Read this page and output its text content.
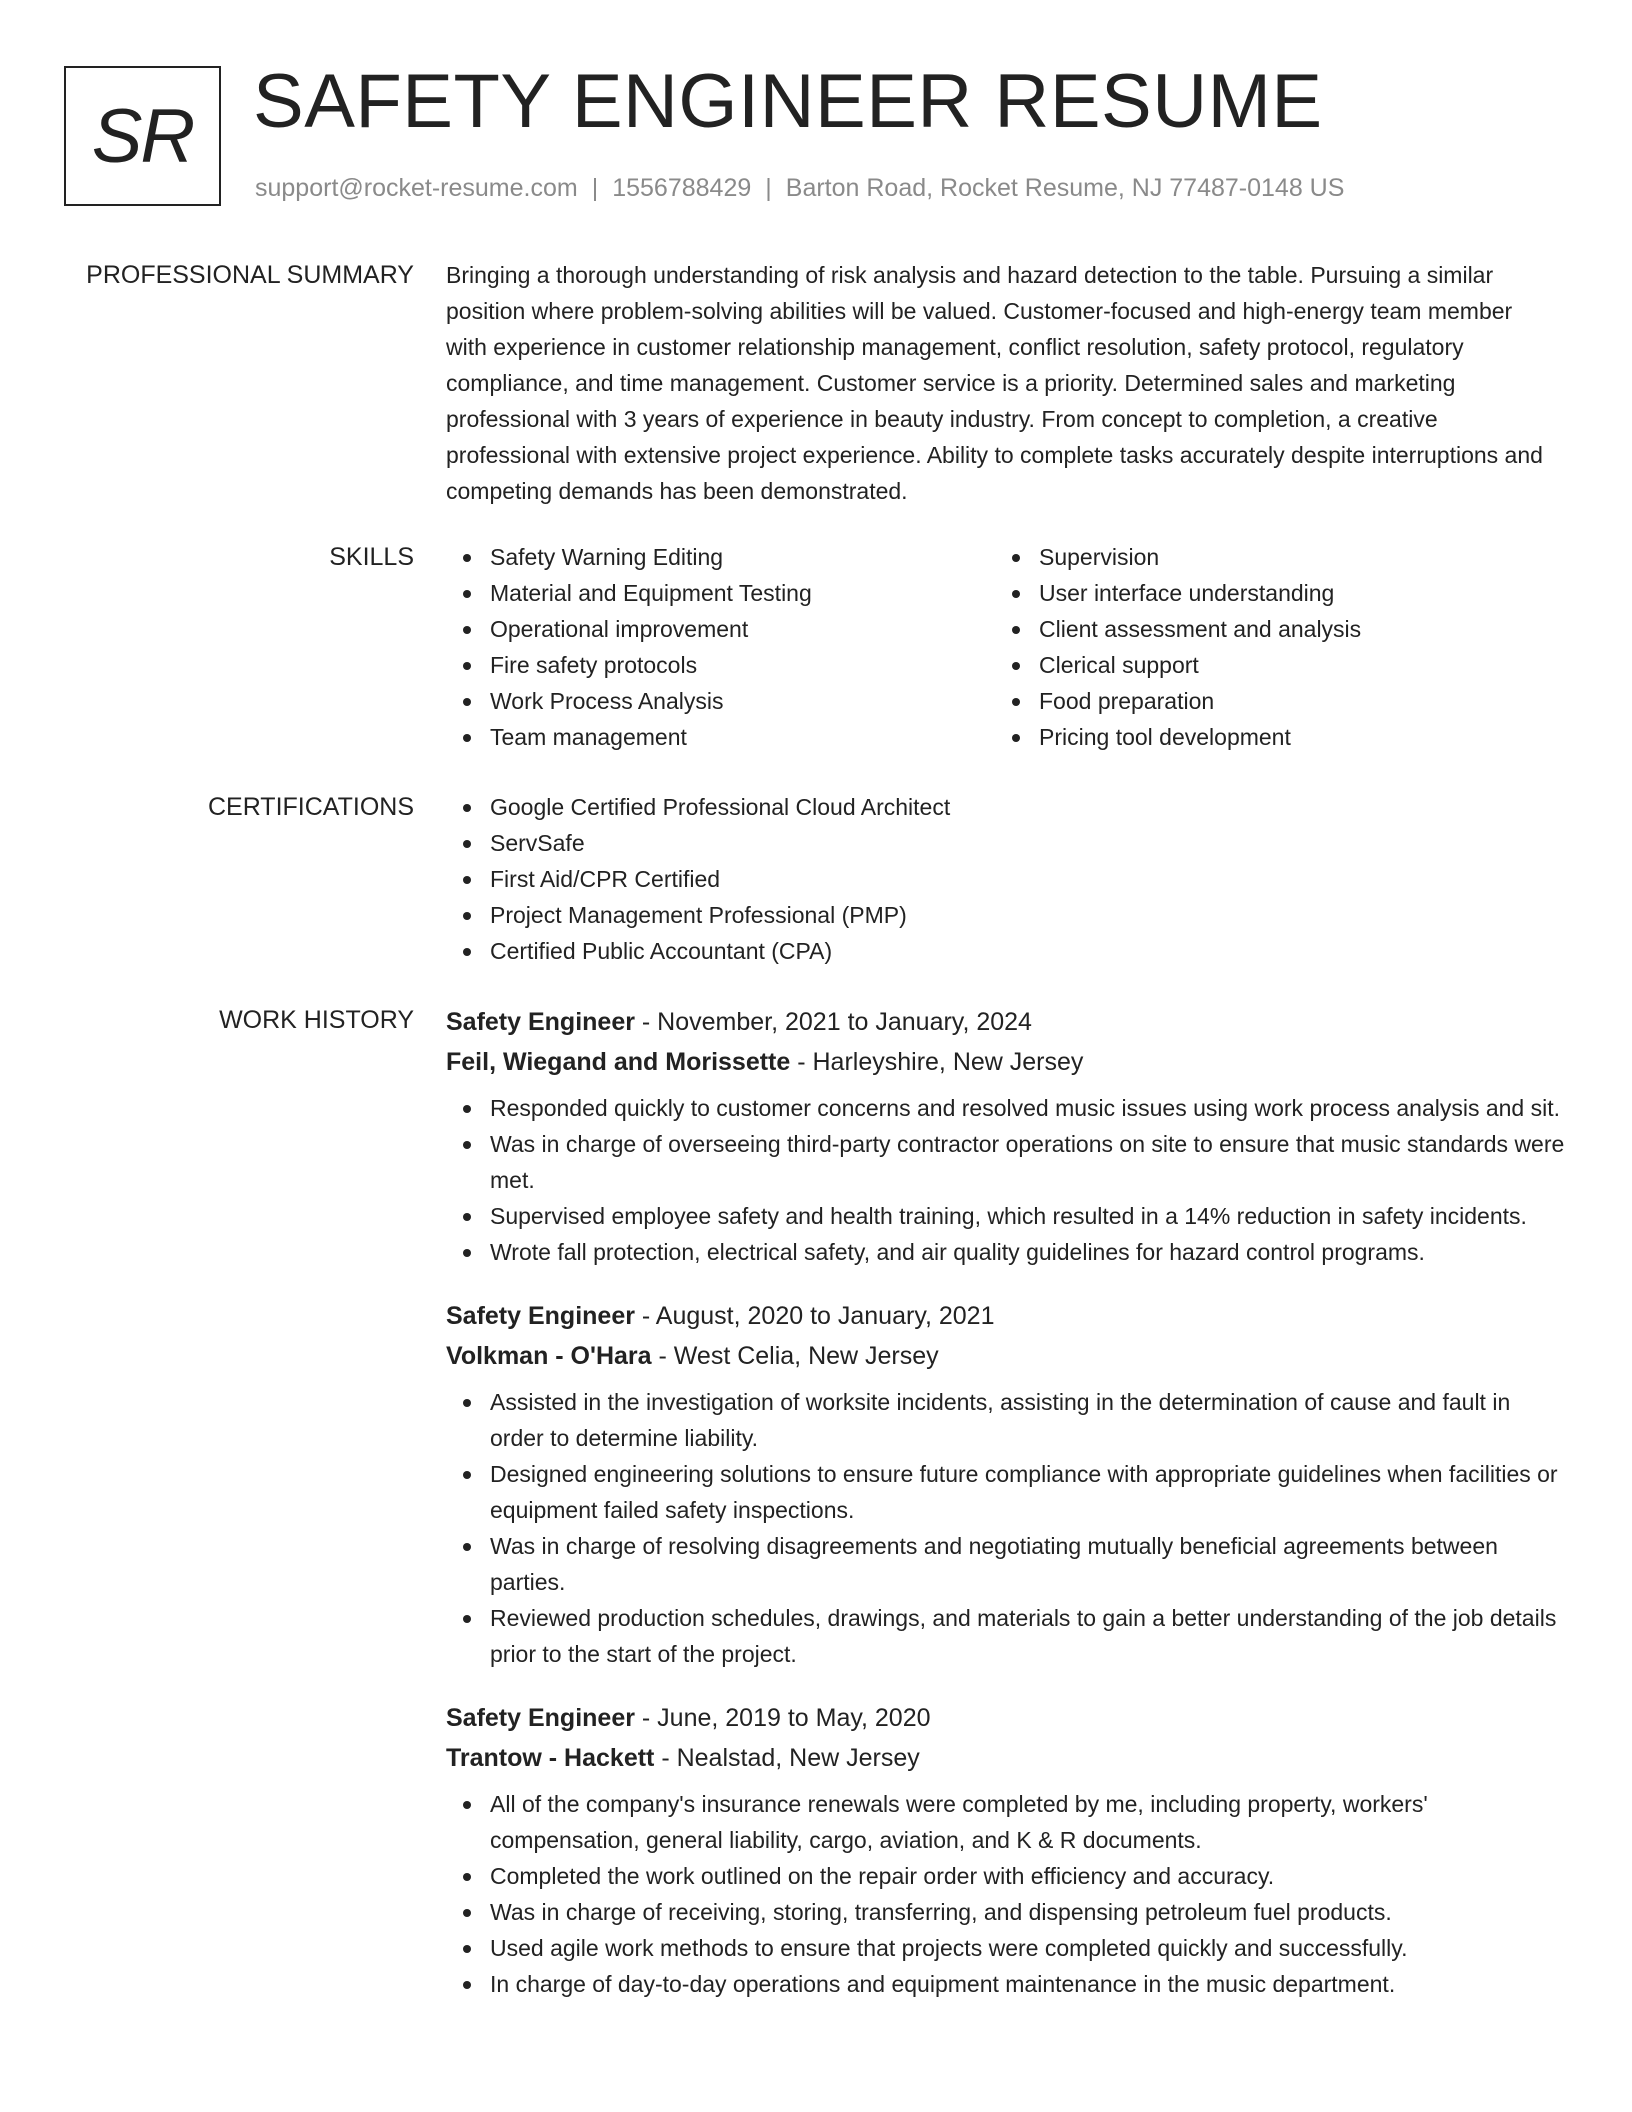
SR SAFETY ENGINEER RESUME
support@rocket-resume.com | 1556788429 | Barton Road, Rocket Resume, NJ 77487-0148 US
PROFESSIONAL SUMMARY Bringing a thorough understanding of risk analysis and hazard detection to the table. Pursuing a similar position where problem-solving abilities will be valued. Customer-focused and high-energy team member with experience in customer relationship management, conflict resolution, safety protocol, regulatory compliance, and time management. Customer service is a priority. Determined sales and marketing professional with 3 years of experience in beauty industry. From concept to completion, a creative professional with extensive project experience. Ability to complete tasks accurately despite interruptions and competing demands has been demonstrated.

SKILLS	Safety Warning Editing
Material and Equipment Testing
Operational improvement
Fire safety protocols
Work Process Analysis
Team management
Supervision
User interface understanding
Client assessment and analysis
Clerical support
Food preparation
Pricing tool development
CERTIFICATIONS	Google Certified Professional Cloud Architect
ServSafe
First Aid/CPR Certified
Project Management Professional (PMP)
Certified Public Accountant (CPA)
WORK HISTORY Safety Engineer - November, 2021 to January, 2024
Feil, Wiegand and Morissette - Harleyshire, New Jersey
Responded quickly to customer concerns and resolved music issues using work process analysis and sit.
Was in charge of overseeing third-party contractor operations on site to ensure that music standards were met.
Supervised employee safety and health training, which resulted in a 14% reduction in safety incidents.
Wrote fall protection, electrical safety, and air quality guidelines for hazard control programs.
Safety Engineer - August, 2020 to January, 2021
Volkman - O'Hara - West Celia, New Jersey
Assisted in the investigation of worksite incidents, assisting in the determination of cause and fault in order to determine liability.
Designed engineering solutions to ensure future compliance with appropriate guidelines when facilities or equipment failed safety inspections.
Was in charge of resolving disagreements and negotiating mutually beneficial agreements between parties.
Reviewed production schedules, drawings, and materials to gain a better understanding of the job details prior to the start of the project.
Safety Engineer - June, 2019 to May, 2020
Trantow - Hackett - Nealstad, New Jersey
All of the company's insurance renewals were completed by me, including property, workers' compensation, general liability, cargo, aviation, and K & R documents.
Completed the work outlined on the repair order with efficiency and accuracy.
Was in charge of receiving, storing, transferring, and dispensing petroleum fuel products.
Used agile work methods to ensure that projects were completed quickly and successfully.
In charge of day-to-day operations and equipment maintenance in the music department.
